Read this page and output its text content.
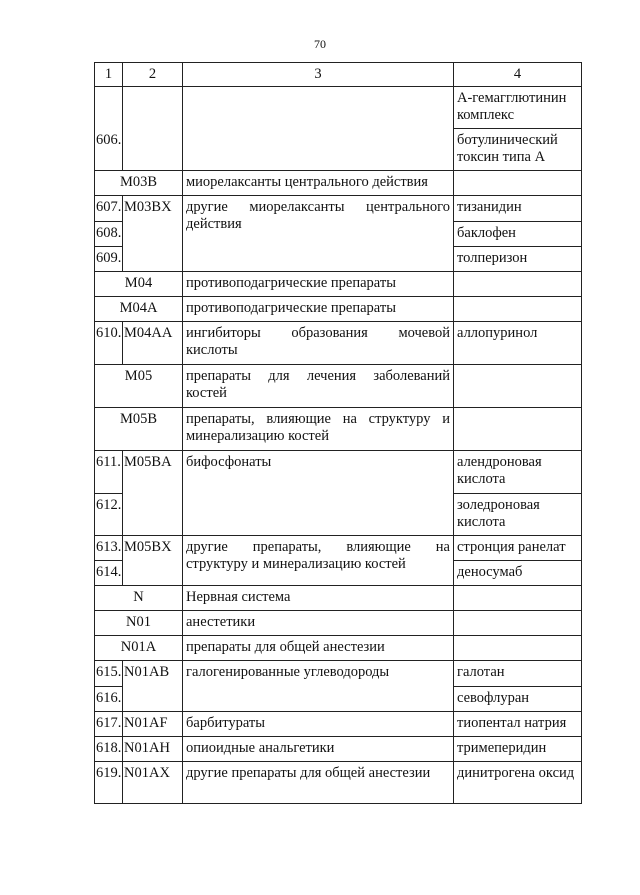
70
1	2	3	4
			А-гемагглютинин комплекс
606.			ботулинический токсин типа А
M03B		миорелаксанты центрального действия	
607.	M03BX	другие миорелаксанты центрального действия	тизанидин
608.			баклофен
609.			толперизон
M04		противоподагрические препараты	
M04A		противоподагрические препараты	
610.	M04AA	ингибиторы образования мочевой кислоты	аллопуринол
M05		препараты для лечения заболеваний костей	
M05B		препараты, влияющие на структуру и минерализацию костей	
611.	M05BA	бифосфонаты	алендроновая кислота
612.			золедроновая кислота
613.	M05BX	другие препараты, влияющие на структуру и минерализацию костей	стронция ранелат
614.			деносумаб
N		Нервная система	
N01		анестетики	
N01A		препараты для общей анестезии	
615.	N01AB	галогенированные углеводороды	галотан
616.			севофлуран
617.	N01AF	барбитураты	тиопентал натрия
618.	N01AH	опиоидные анальгетики	тримеперидин
619.	N01AX	другие препараты для общей анестезии	динитрогена оксид
